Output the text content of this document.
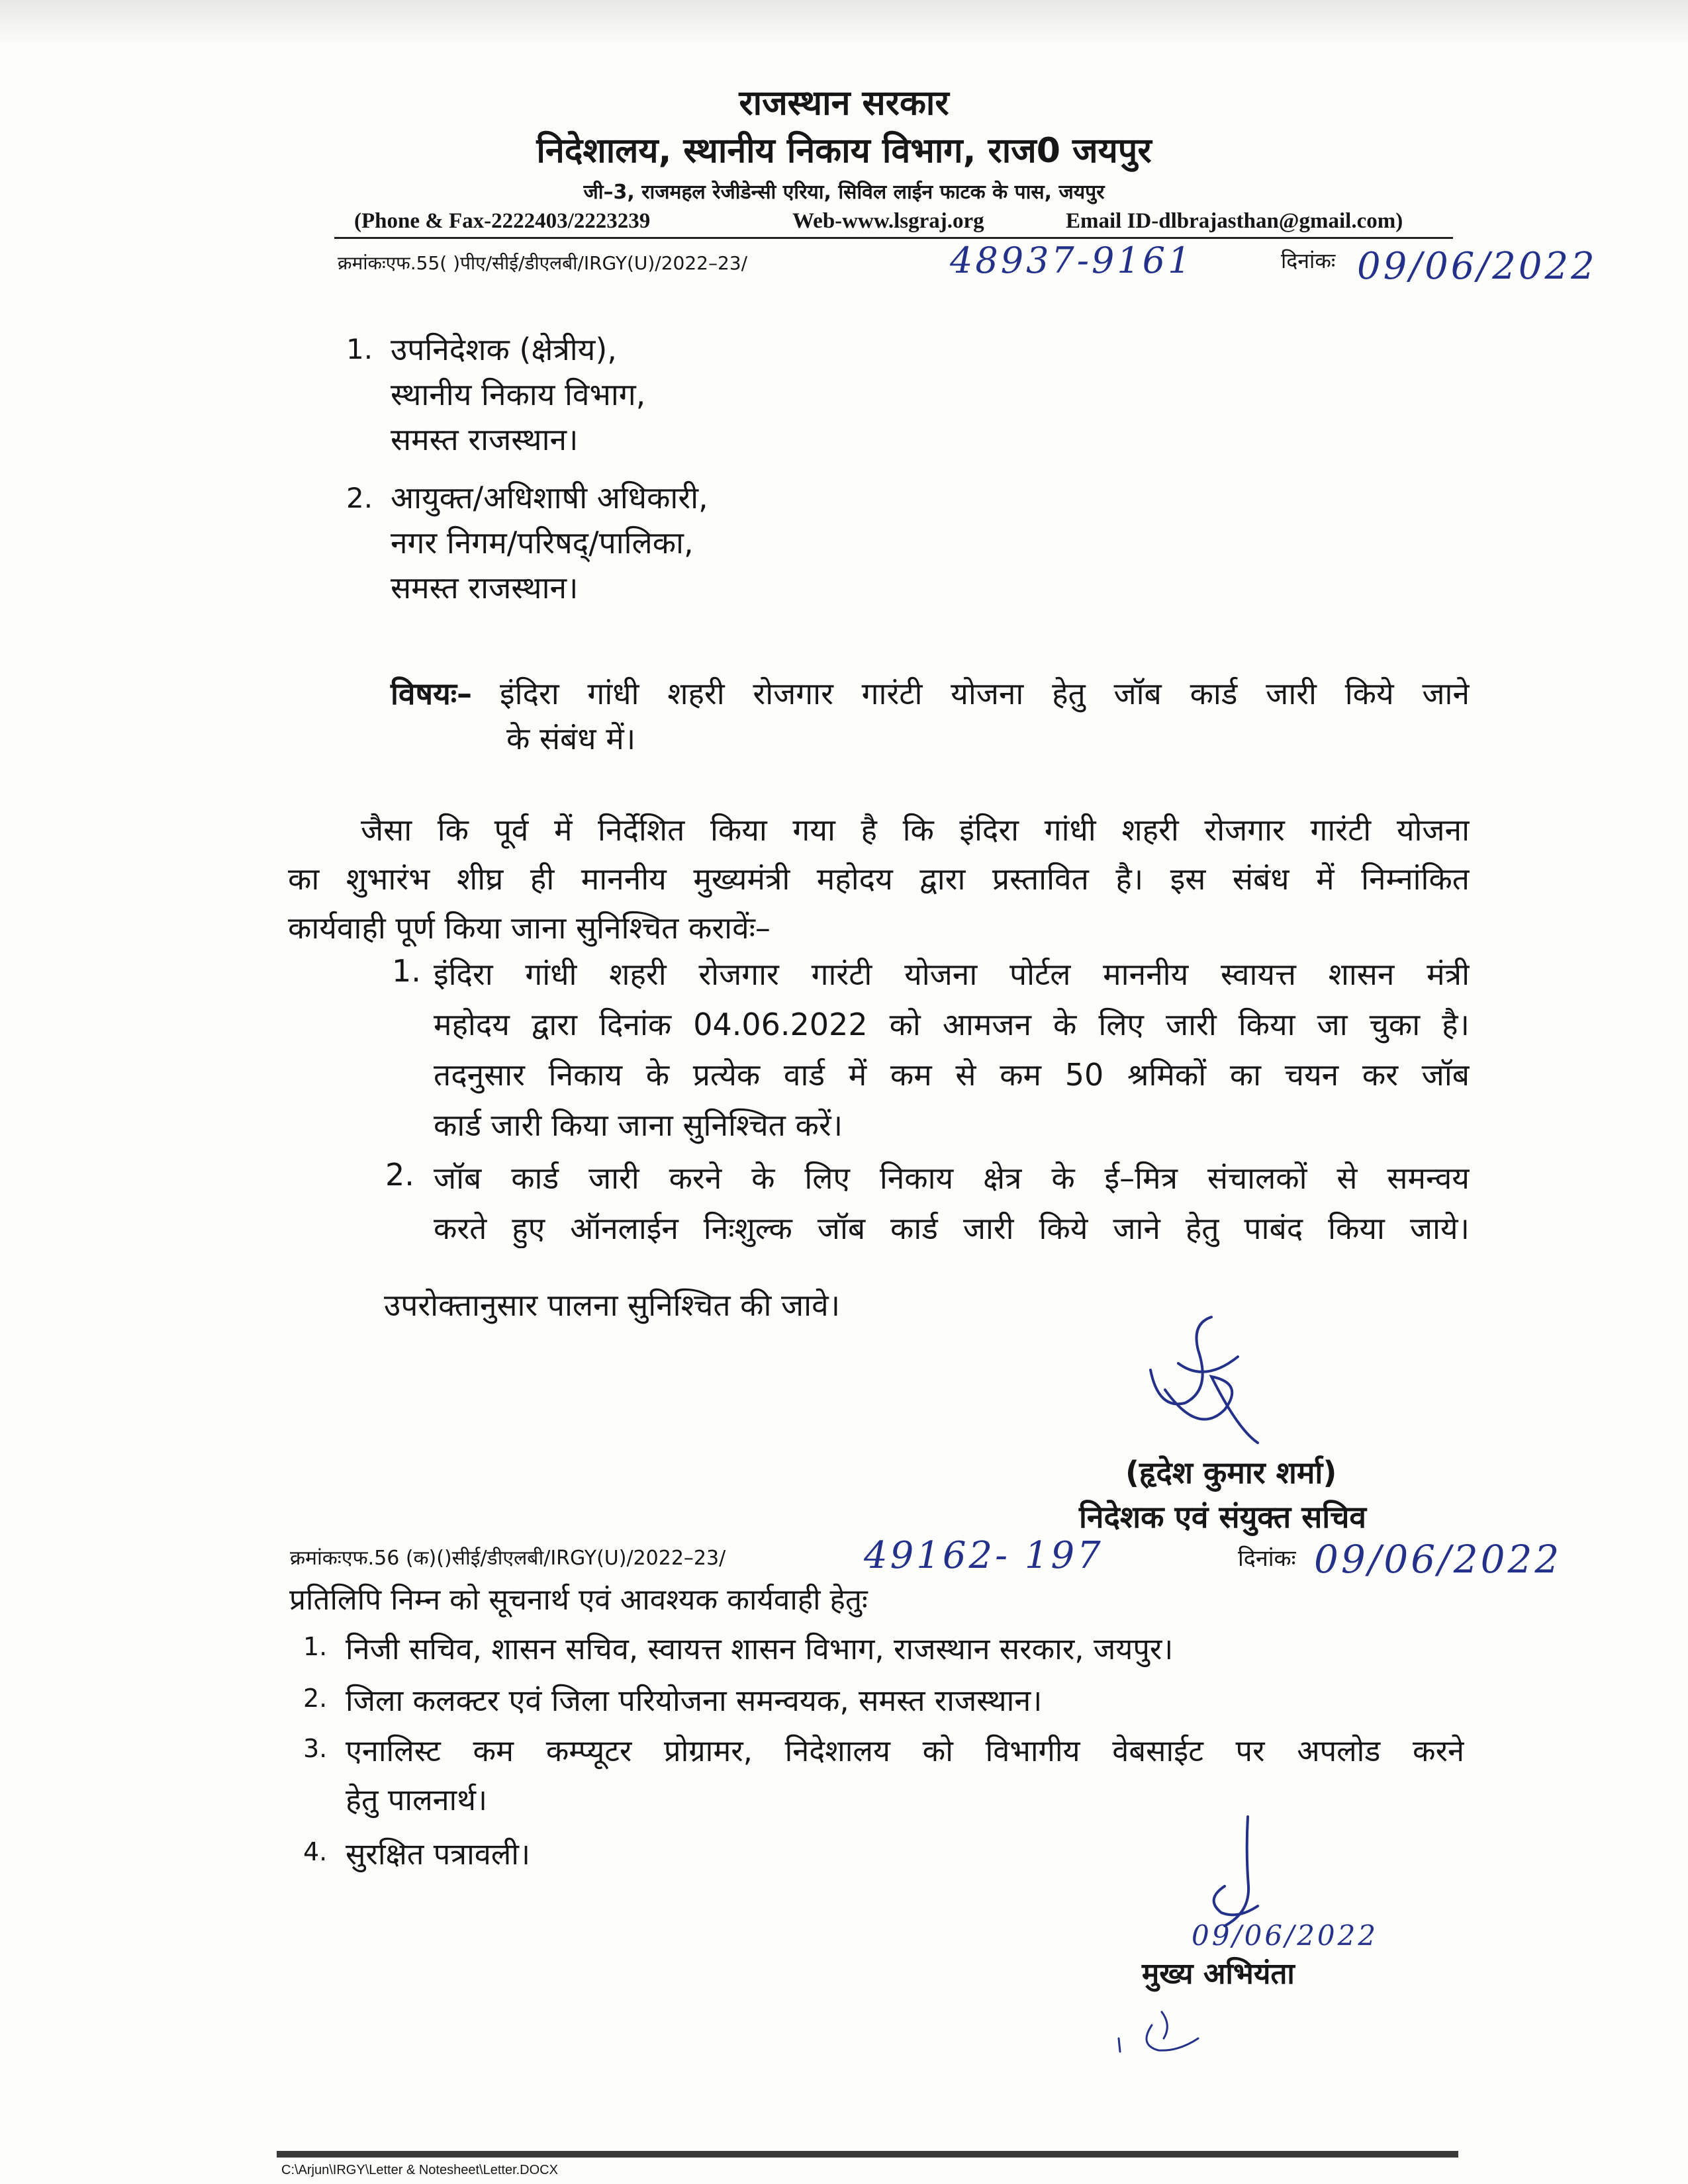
राजस्थान सरकार
निदेशालय, स्थानीय निकाय विभाग, राज0 जयपुर
जी–3, राजमहल रेजीडेन्सी एरिया, सिविल लाईन फाटक के पास, जयपुर
(Phone & Fax-2222403/2223239	Web-www.lsgraj.org	Email ID-dlbrajasthan@gmail.com)
क्रमांकःएफ.55( )पीए/सीई/डीएलबी/IRGY(U)/2022–23/	48937-9161	दिनांकः 09/06/2022
1. उपनिदेशक (क्षेत्रीय),
स्थानीय निकाय विभाग,
समस्त राजस्थान।
2. आयुक्त/अधिशाषी अधिकारी,
नगर निगम/परिषद्/पालिका,
समस्त राजस्थान।
विषयः– इंदिरा गांधी शहरी रोजगार गारंटी योजना हेतु जॉब कार्ड जारी किये जाने
के संबंध में।
जैसा कि पूर्व में निर्देशित किया गया है कि इंदिरा गांधी शहरी रोजगार गारंटी योजना
का शुभारंभ शीघ्र ही माननीय मुख्यमंत्री महोदय द्वारा प्रस्तावित है। इस संबंध में निम्नांकित
कार्यवाही पूर्ण किया जाना सुनिश्चित करावेंः–
1. इंदिरा गांधी शहरी रोजगार गारंटी योजना पोर्टल माननीय स्वायत्त शासन मंत्री
महोदय द्वारा दिनांक 04.06.2022 को आमजन के लिए जारी किया जा चुका है।
तदनुसार निकाय के प्रत्येक वार्ड में कम से कम 50 श्रमिकों का चयन कर जॉब
कार्ड जारी किया जाना सुनिश्चित करें।
2. जॉब कार्ड जारी करने के लिए निकाय क्षेत्र के ई–मित्र संचालकों से समन्वय
करते हुए ऑनलाईन निःशुल्क जॉब कार्ड जारी किये जाने हेतु पाबंद किया जाये।
उपरोक्तानुसार पालना सुनिश्चित की जावे।
(हृदेश कुमार शर्मा)
निदेशक एवं संयुक्त सचिव
क्रमांकःएफ.56 (क)()सीई/डीएलबी/IRGY(U)/2022–23/	49162- 197	दिनांकः 09/06/2022
प्रतिलिपि निम्न को सूचनार्थ एवं आवश्यक कार्यवाही हेतुः
1. निजी सचिव, शासन सचिव, स्वायत्त शासन विभाग, राजस्थान सरकार, जयपुर।
2. जिला कलक्टर एवं जिला परियोजना समन्वयक, समस्त राजस्थान।
3. एनालिस्ट कम कम्प्यूटर प्रोग्रामर, निदेशालय को विभागीय वेबसाईट पर अपलोड करने
हेतु पालनार्थ।
4. सुरक्षित पत्रावली।
09/06/2022
मुख्य अभियंता
C:\Arjun\IRGY\Letter & Notesheet\Letter.DOCX
